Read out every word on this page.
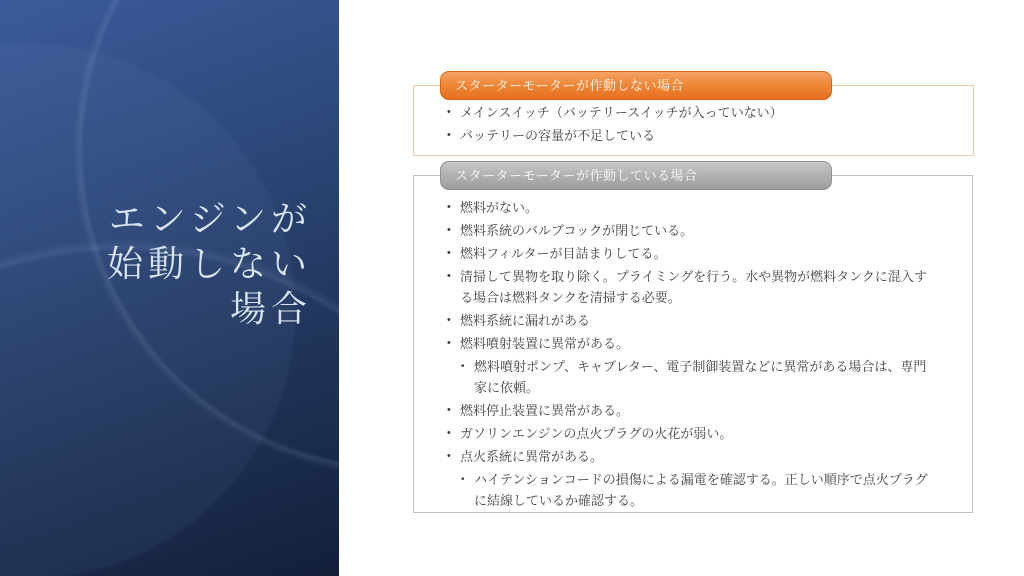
エンジンが
始動しない
場合
スターターモーターが作動しない場合
• メインスイッチ（バッテリースイッチが入っていない）
• バッテリーの容量が不足している
スターターモーターが作動している場合
• 燃料がない。
• 燃料系統のバルブコックが閉じている。
• 燃料フィルターが目詰まりしてる。
• 清掃して異物を取り除く。プライミングを行う。水や異物が燃料タンクに混入する場合は燃料タンクを清掃する必要。
• 燃料系統に漏れがある
• 燃料噴射装置に異常がある。
• 燃料噴射ポンプ、キャブレター、電子制御装置などに異常がある場合は、専門家に依頼。
• 燃料停止装置に異常がある。
• ガソリンエンジンの点火プラグの火花が弱い。
• 点火系統に異常がある。
• ハイテンションコードの損傷による漏電を確認する。正しい順序で点火プラグに結線しているか確認する。
